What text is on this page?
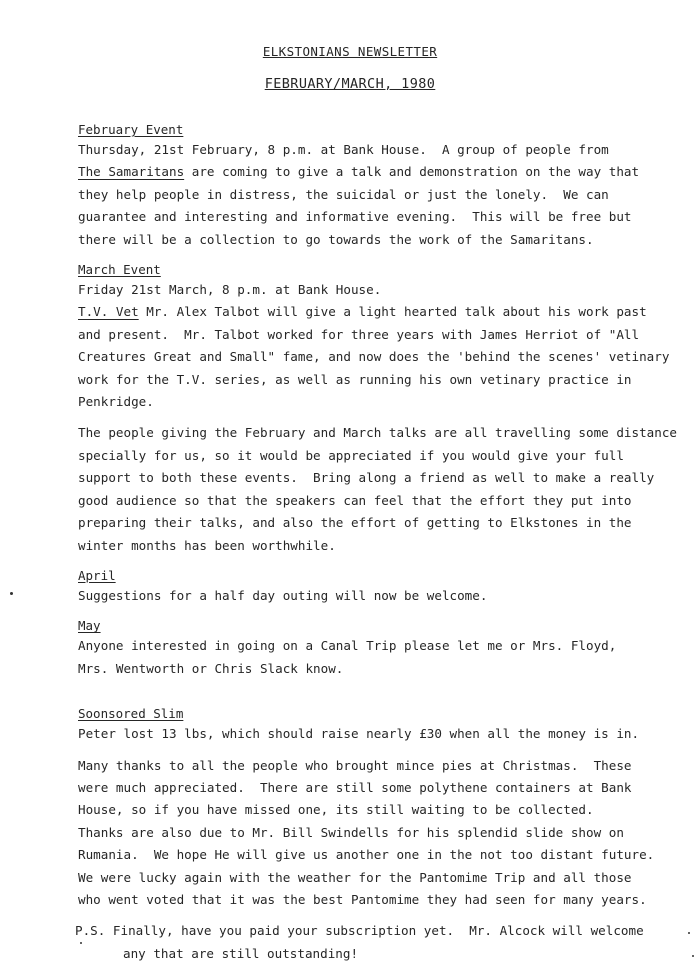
ELKSTONIANS NEWSLETTER
FEBRUARY/MARCH, 1980
February Event
Thursday, 21st February, 8 p.m. at Bank House.  A group of people from
The Samaritans are coming to give a talk and demonstration on the way that
they help people in distress, the suicidal or just the lonely.  We can
guarantee and interesting and informative evening.  This will be free but
there will be a collection to go towards the work of the Samaritans.
March Event
Friday 21st March, 8 p.m. at Bank House.
T.V. Vet Mr. Alex Talbot will give a light hearted talk about his work past
and present.  Mr. Talbot worked for three years with James Herriot of "All
Creatures Great and Small" fame, and now does the 'behind the scenes' vetinary
work for the T.V. series, as well as running his own vetinary practice in
Penkridge.
The people giving the February and March talks are all travelling some distance
specially for us, so it would be appreciated if you would give your full
support to both these events.  Bring along a friend as well to make a really
good audience so that the speakers can feel that the effort they put into
preparing their talks, and also the effort of getting to Elkstones in the
winter months has been worthwhile.
April
Suggestions for a half day outing will now be welcome.
May
Anyone interested in going on a Canal Trip please let me or Mrs. Floyd,
Mrs. Wentworth or Chris Slack know.
Soonsored Slim
Peter lost 13 lbs, which should raise nearly £30 when all the money is in.
Many thanks to all the people who brought mince pies at Christmas.  These
were much appreciated.  There are still some polythene containers at Bank
House, so if you have missed one, its still waiting to be collected.
Thanks are also due to Mr. Bill Swindells for his splendid slide show on
Rumania.  We hope He will give us another one in the not too distant future.
We were lucky again with the weather for the Pantomime Trip and all those
who went voted that it was the best Pantomime they had seen for many years.
P.S. Finally, have you paid your subscription yet.  Mr. Alcock will welcome
any that are still outstanding!
